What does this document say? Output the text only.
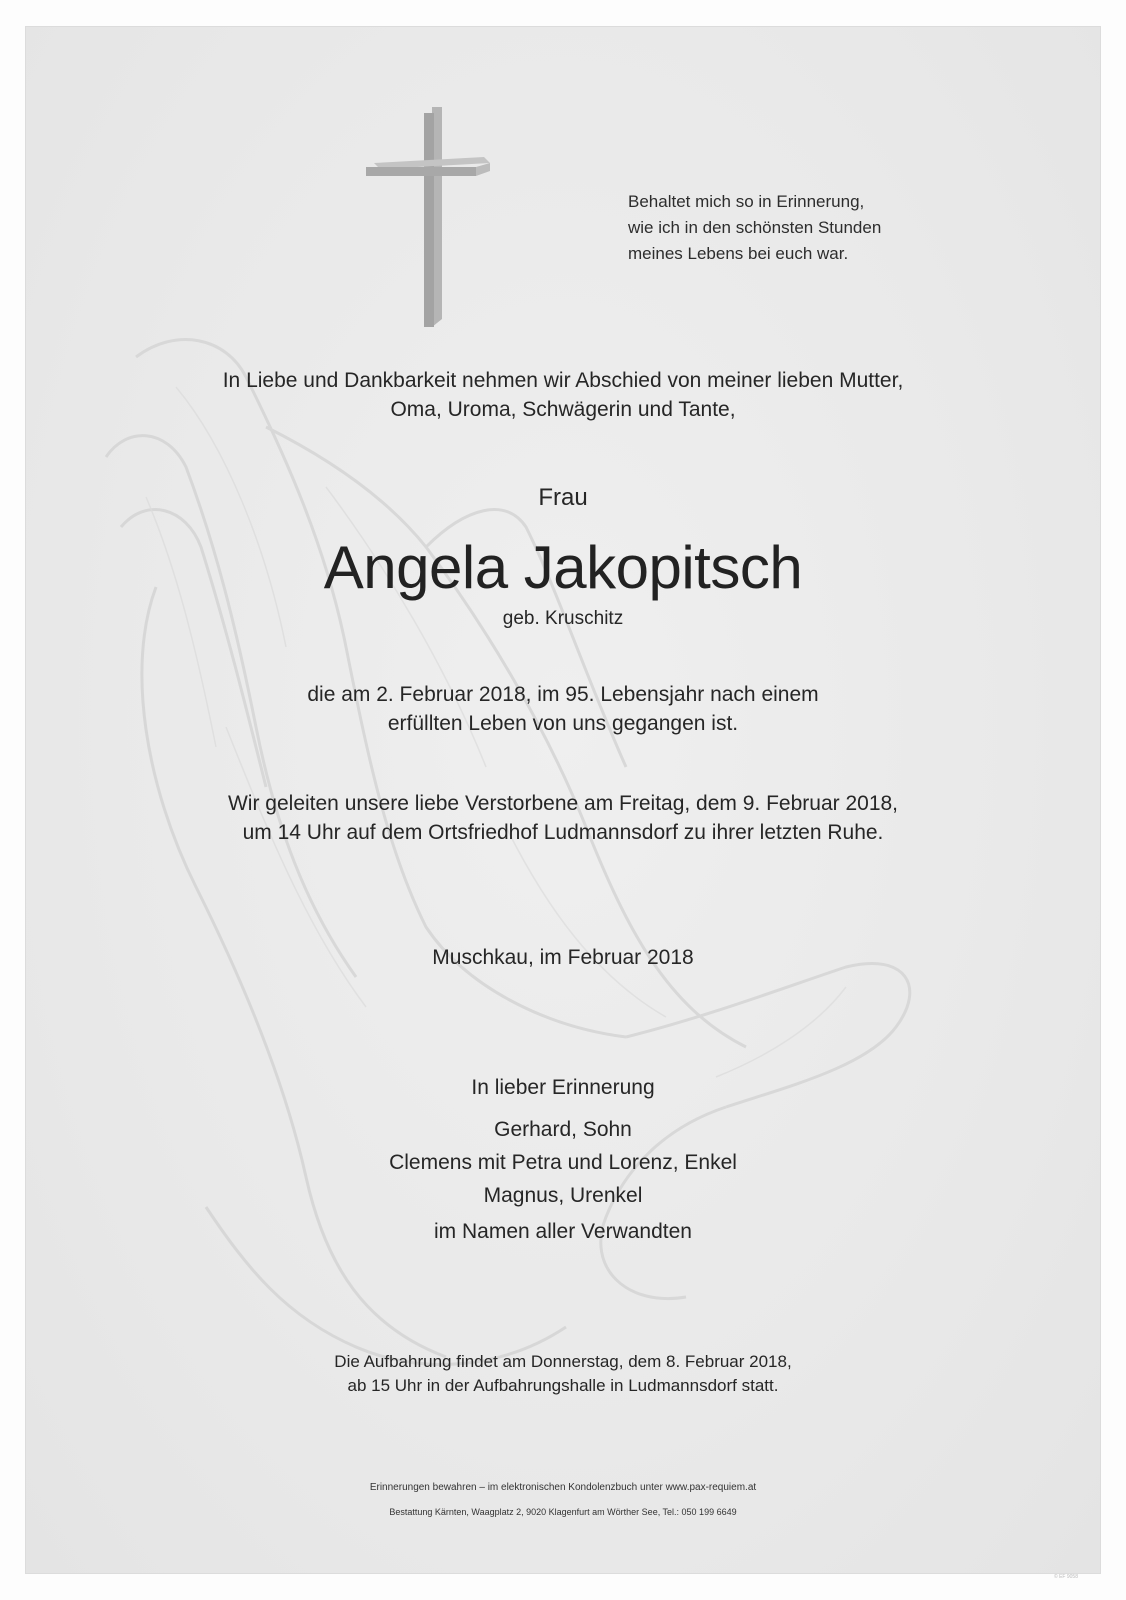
Behaltet mich so in Erinnerung,
wie ich in den schönsten Stunden
meines Lebens bei euch war.
In Liebe und Dankbarkeit nehmen wir Abschied von meiner lieben Mutter,
Oma, Uroma, Schwägerin und Tante,
Frau
Angela Jakopitsch
geb. Kruschitz
die am 2. Februar 2018, im 95. Lebensjahr nach einem
erfüllten Leben von uns gegangen ist.
Wir geleiten unsere liebe Verstorbene am Freitag, dem 9. Februar 2018,
um 14 Uhr auf dem Ortsfriedhof Ludmannsdorf zu ihrer letzten Ruhe.
Muschkau, im Februar 2018
In lieber Erinnerung
Gerhard, Sohn
Clemens mit Petra und Lorenz, Enkel
Magnus, Urenkel
im Namen aller Verwandten
Die Aufbahrung findet am Donnerstag, dem 8. Februar 2018,
ab 15 Uhr in der Aufbahrungshalle in Ludmannsdorf statt.
Erinnerungen bewahren – im elektronischen Kondolenzbuch unter www.pax-requiem.at
Bestattung Kärnten, Waagplatz 2, 9020 Klagenfurt am Wörther See, Tel.: 050 199 6649
© EF 9058
